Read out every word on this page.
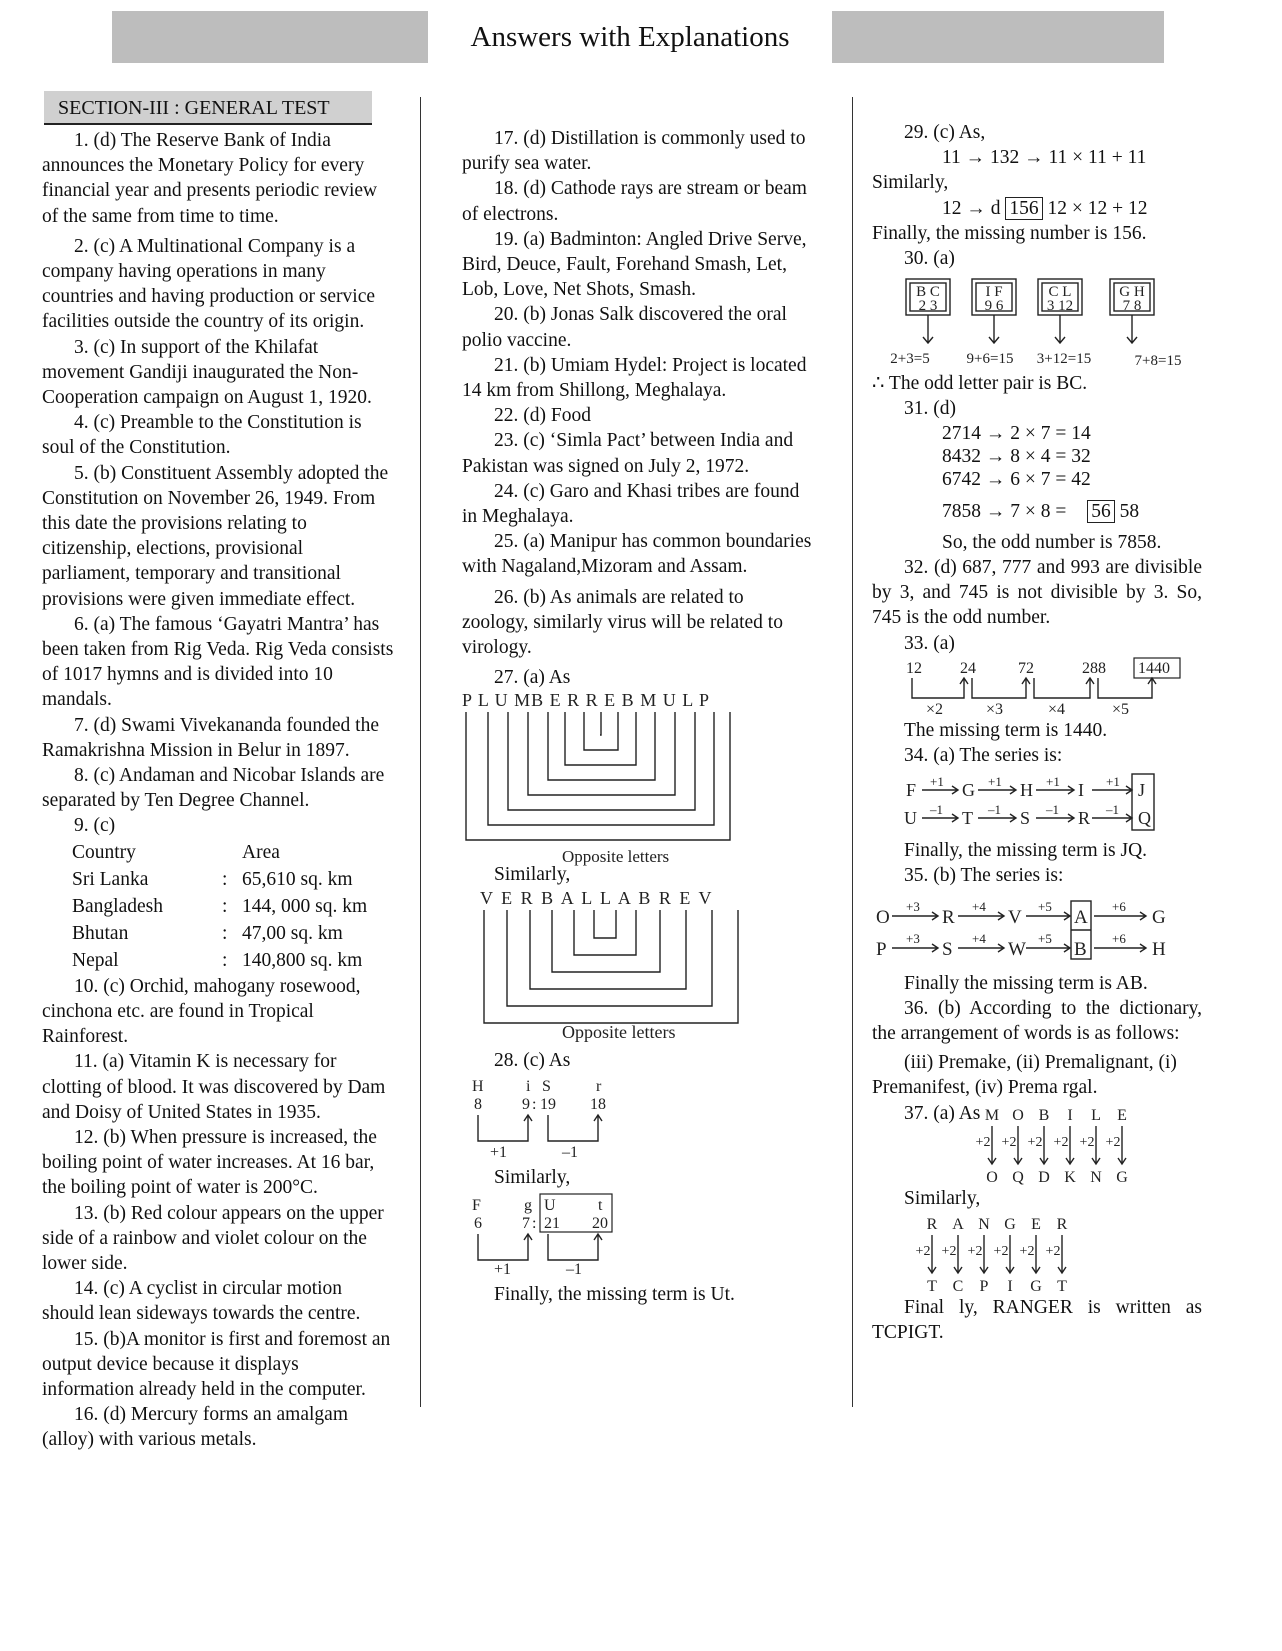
Answers with Explanations
SECTION-III : GENERAL TEST

1. (d) The Reserve Bank of India announces the Monetary Policy for every financial year and presents periodic review of the same from time to time.

2. (c) A Multinational Company is a company having operations in many countries and having production or service facilities outside the country of its origin.

3. (c) In support of the Khilafat movement Gandiji inaugurated the Non-Cooperation campaign on August 1, 1920.

4. (c) Preamble to the Constitution is soul of the Constitution.

5. (b) Constituent Assembly adopted the Constitution on November 26, 1949. From this date the provisions relating to citizenship, elections, provisional parliament, temporary and transitional provisions were given immediate effect.

6. (a) The famous ‘Gayatri Mantra’ has been taken from Rig Veda. Rig Veda consists of 1017 hymns and is divided into 10 mandals.

7. (d) Swami Vivekananda founded the Ramakrishna Mission in Belur in 1897.

8. (c) Andaman and Nicobar Islands are separated by Ten Degree Channel.

9. (c)

Country		Area
Sri Lanka	:	65,610 sq. km
Bangladesh	:	144, 000 sq. km
Bhutan	:	47,00 sq. km
Nepal	:	140,800 sq. km

10. (c) Orchid, mahogany rosewood, cinchona etc. are found in Tropical Rainforest.

11. (a) Vitamin K is necessary for clotting of blood. It was discovered by Dam and Doisy of United States in 1935.

12. (b) When pressure is increased, the boiling point of water increases. At 16 bar, the boiling point of water is 200°C.

13. (b) Red colour appears on the upper side of a rainbow and violet colour on the lower side.

14. (c) A cyclist in circular motion should lean sideways towards the centre.

15. (b)A monitor is first and foremost an output device because it displays information already held in the computer.

16. (d) Mercury forms an amalgam (alloy) with various metals.

17. (d) Distillation is commonly used to purify sea water.

18. (d) Cathode rays are stream or beam of electrons.

19. (a) Badminton: Angled Drive Serve, Bird, Deuce, Fault, Forehand Smash, Let, Lob, Love, Net Shots, Smash.

20. (b) Jonas Salk discovered the oral polio vaccine.

21. (b) Umiam Hydel: Project is located 14 km from Shillong, Meghalaya.

22. (d) Food

23. (c) ‘Simla Pact’ between India and Pakistan was signed on July 2, 1972.

24. (c) Garo and Khasi tribes are found in Meghalaya.

25. (a) Manipur has common boundaries with Nagaland,Mizoram and Assam.

26. (b) As animals are related to zoology, similarly virus will be related to virology.

27. (a) As

P L U MB E R R E B M U L P
Opposite letters

Similarly,

V E R B A L L A B R E V
Opposite letters

28. (c) As

H
8
i S
9 : 19
r
18
+1	–1

Similarly,

F
6
g
7 :
U
21
t
20
+1	–1

Finally, the missing term is Ut.

29. (c) As,

11 → 132 → 11 × 11 + 11

Similarly,

12 → d 156 12 × 12 + 12

Finally, the missing number is 156.

30. (a)

B C
2 3
I F
9 6
C L
3 12
G H
7 8
2+3=5 9+6=15 3+12=15	7+8=15

∴ The odd letter pair is BC.

31. (d)

2714 → 2 × 7 = 14

8432 → 8 × 4 = 32

6742 → 6 × 7 = 42

7858 → 7 × 8 = 56 58

So, the odd number is 7858.

32. (d) 687, 777 and 993 are divisible by 3, and 745 is not divisible by 3. So, 745 is the odd number.

33. (a)

12 24	72	288 1440
×2	×3	×4	×5

The missing term is 1440.

34. (a) The series is:

F	G	H	I	J
U	T	S	R	Q
+1	+1	+1	+1
–1	–1	–1	–1

Finally, the missing term is JQ.

35. (b) The series is:

O	R	V	A	G
P	S	W	B	H
+3	+4	+5	+6
+3	+4	+5	+6

Finally the missing term is AB.

36. (b) According to the dictionary, the arrangement of words is as follows:

(iii) Premake, (ii) Premalignant, (i) Premanifest, (iv) Prema rgal.

37. (a) As M
+2
O
O
+2
Q
B
+2
D
I
+2
K
L
+2
N
E
+2
G

Similarly,

R
+2
T
A
+2
C
N
+2
P
G
+2
I
E
+2
G
R
+2
T

Final ly, RANGER is written as TCPIGT.
